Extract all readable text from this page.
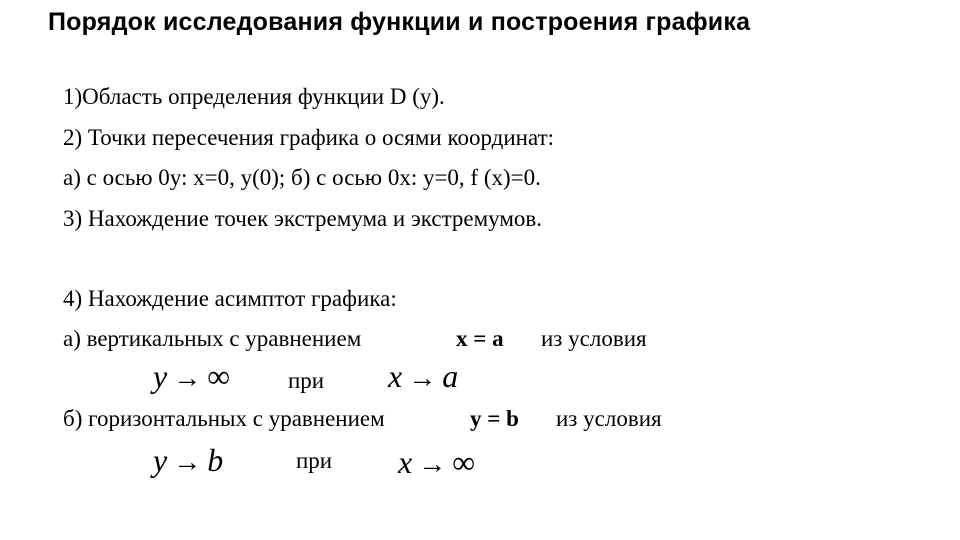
Порядок исследования функции и построения графика
1)Область определения функции D (у).
2) Точки пересечения графика о осями координат:
а) с осью 0у: х=0, у(0); б) с осью 0х: у=0, f (х)=0.
3) Нахождение точек экстремума и экстремумов.
4) Нахождение асимптот графика:
а) вертикальных с уравнением	x = a из условия
y → ∞	при x → a
б) горизонтальных с уравнением	y = b из условия
y → b	при x → ∞
